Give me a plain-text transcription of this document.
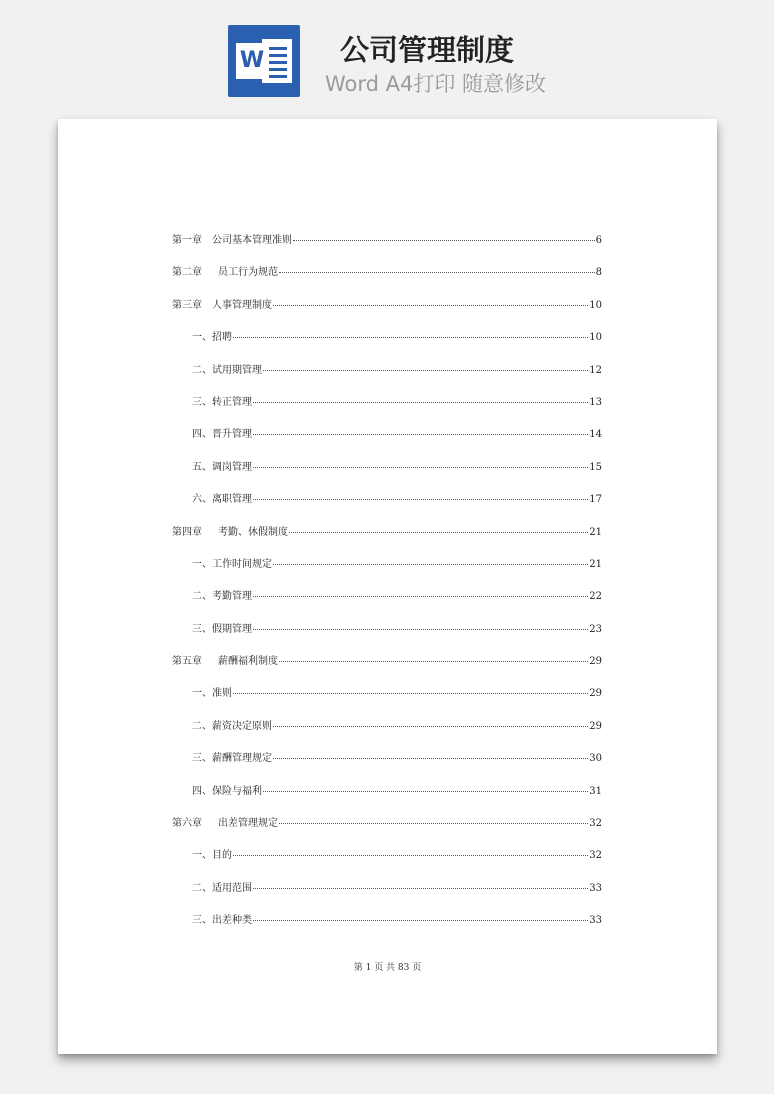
W	公司管理制度
Word A4打印 随意修改
第一章 公司基本管理准则	6
第二章 员工行为规范	8
第三章 人事管理制度	10
一、招聘	10
二、试用期管理	12
三、转正管理	13
四、晋升管理	14
五、调岗管理	15
六、离职管理	17
第四章 考勤、休假制度	21
一、工作时间规定	21
二、考勤管理	22
三、假期管理	23
第五章 薪酬福利制度	29
一、准则	29
二、薪资决定原则	29
三、薪酬管理规定	30
四、保险与福利	31
第六章 出差管理规定	32
一、目的	32
二、适用范围	33
三、出差种类	33
第 1 页 共 83 页
